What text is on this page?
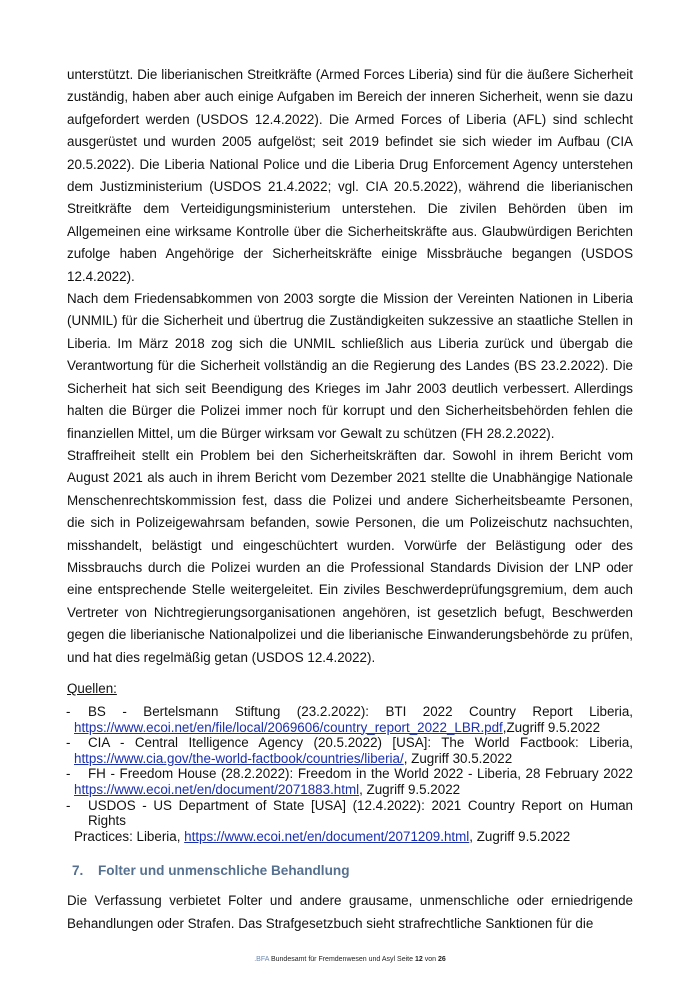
unterstützt. Die liberianischen Streitkräfte (Armed Forces Liberia) sind für die äußere Sicherheit zuständig, haben aber auch einige Aufgaben im Bereich der inneren Sicherheit, wenn sie dazu aufgefordert werden (USDOS 12.4.2022). Die Armed Forces of Liberia (AFL) sind schlecht ausgerüstet und wurden 2005 aufgelöst; seit 2019 befindet sie sich wieder im Aufbau (CIA 20.5.2022). Die Liberia National Police und die Liberia Drug Enforcement Agency unterstehen dem Justizministerium (USDOS 21.4.2022; vgl. CIA 20.5.2022), während die liberianischen Streitkräfte dem Verteidigungsministerium unterstehen. Die zivilen Behörden üben im Allgemeinen eine wirksame Kontrolle über die Sicherheitskräfte aus. Glaubwürdigen Berichten zufolge haben Angehörige der Sicherheitskräfte einige Missbräuche begangen (USDOS 12.4.2022).

Nach dem Friedensabkommen von 2003 sorgte die Mission der Vereinten Nationen in Liberia (UNMIL) für die Sicherheit und übertrug die Zuständigkeiten sukzessive an staatliche Stellen in Liberia. Im März 2018 zog sich die UNMIL schließlich aus Liberia zurück und übergab die Verantwortung für die Sicherheit vollständig an die Regierung des Landes (BS 23.2.2022). Die Sicherheit hat sich seit Beendigung des Krieges im Jahr 2003 deutlich verbessert. Allerdings halten die Bürger die Polizei immer noch für korrupt und den Sicherheitsbehörden fehlen die finanziellen Mittel, um die Bürger wirksam vor Gewalt zu schützen (FH 28.2.2022).

Straffreiheit stellt ein Problem bei den Sicherheitskräften dar. Sowohl in ihrem Bericht vom August 2021 als auch in ihrem Bericht vom Dezember 2021 stellte die Unabhängige Nationale Menschenrechtskommission fest, dass die Polizei und andere Sicherheitsbeamte Personen, die sich in Polizeigewahrsam befanden, sowie Personen, die um Polizeischutz nachsuchten, misshandelt, belästigt und eingeschüchtert wurden. Vorwürfe der Belästigung oder des Missbrauchs durch die Polizei wurden an die Professional Standards Division der LNP oder eine entsprechende Stelle weitergeleitet. Ein ziviles Beschwerdeprüfungsgremium, dem auch Vertreter von Nichtregierungsorganisationen angehören, ist gesetzlich befugt, Beschwerden gegen die liberianische Nationalpolizei und die liberianische Einwanderungsbehörde zu prüfen, und hat dies regelmäßig getan (USDOS 12.4.2022).

Quellen:
-	BS - Bertelsmann Stiftung (23.2.2022): BTI 2022 Country Report Liberia,
https://www.ecoi.net/en/file/local/2069606/country_report_2022_LBR.pdf,Zugriff 9.5.2022
-	CIA - Central Itelligence Agency (20.5.2022) [USA]: The World Factbook: Liberia,
https://www.cia.gov/the-world-factbook/countries/liberia/, Zugriff 30.5.2022
-	FH - Freedom House (28.2.2022): Freedom in the World 2022 - Liberia, 28 February 2022
https://www.ecoi.net/en/document/2071883.html, Zugriff 9.5.2022
-	USDOS - US Department of State [USA] (12.4.2022): 2021 Country Report on Human Rights
Practices: Liberia, https://www.ecoi.net/en/document/2071209.html, Zugriff 9.5.2022
7. Folter und unmenschliche Behandlung
Die Verfassung verbietet Folter und andere grausame, unmenschliche oder erniedrigende Behandlungen oder Strafen. Das Strafgesetzbuch sieht strafrechtliche Sanktionen für die
.BFA Bundesamt für Fremdenwesen und Asyl Seite 12 von 26
